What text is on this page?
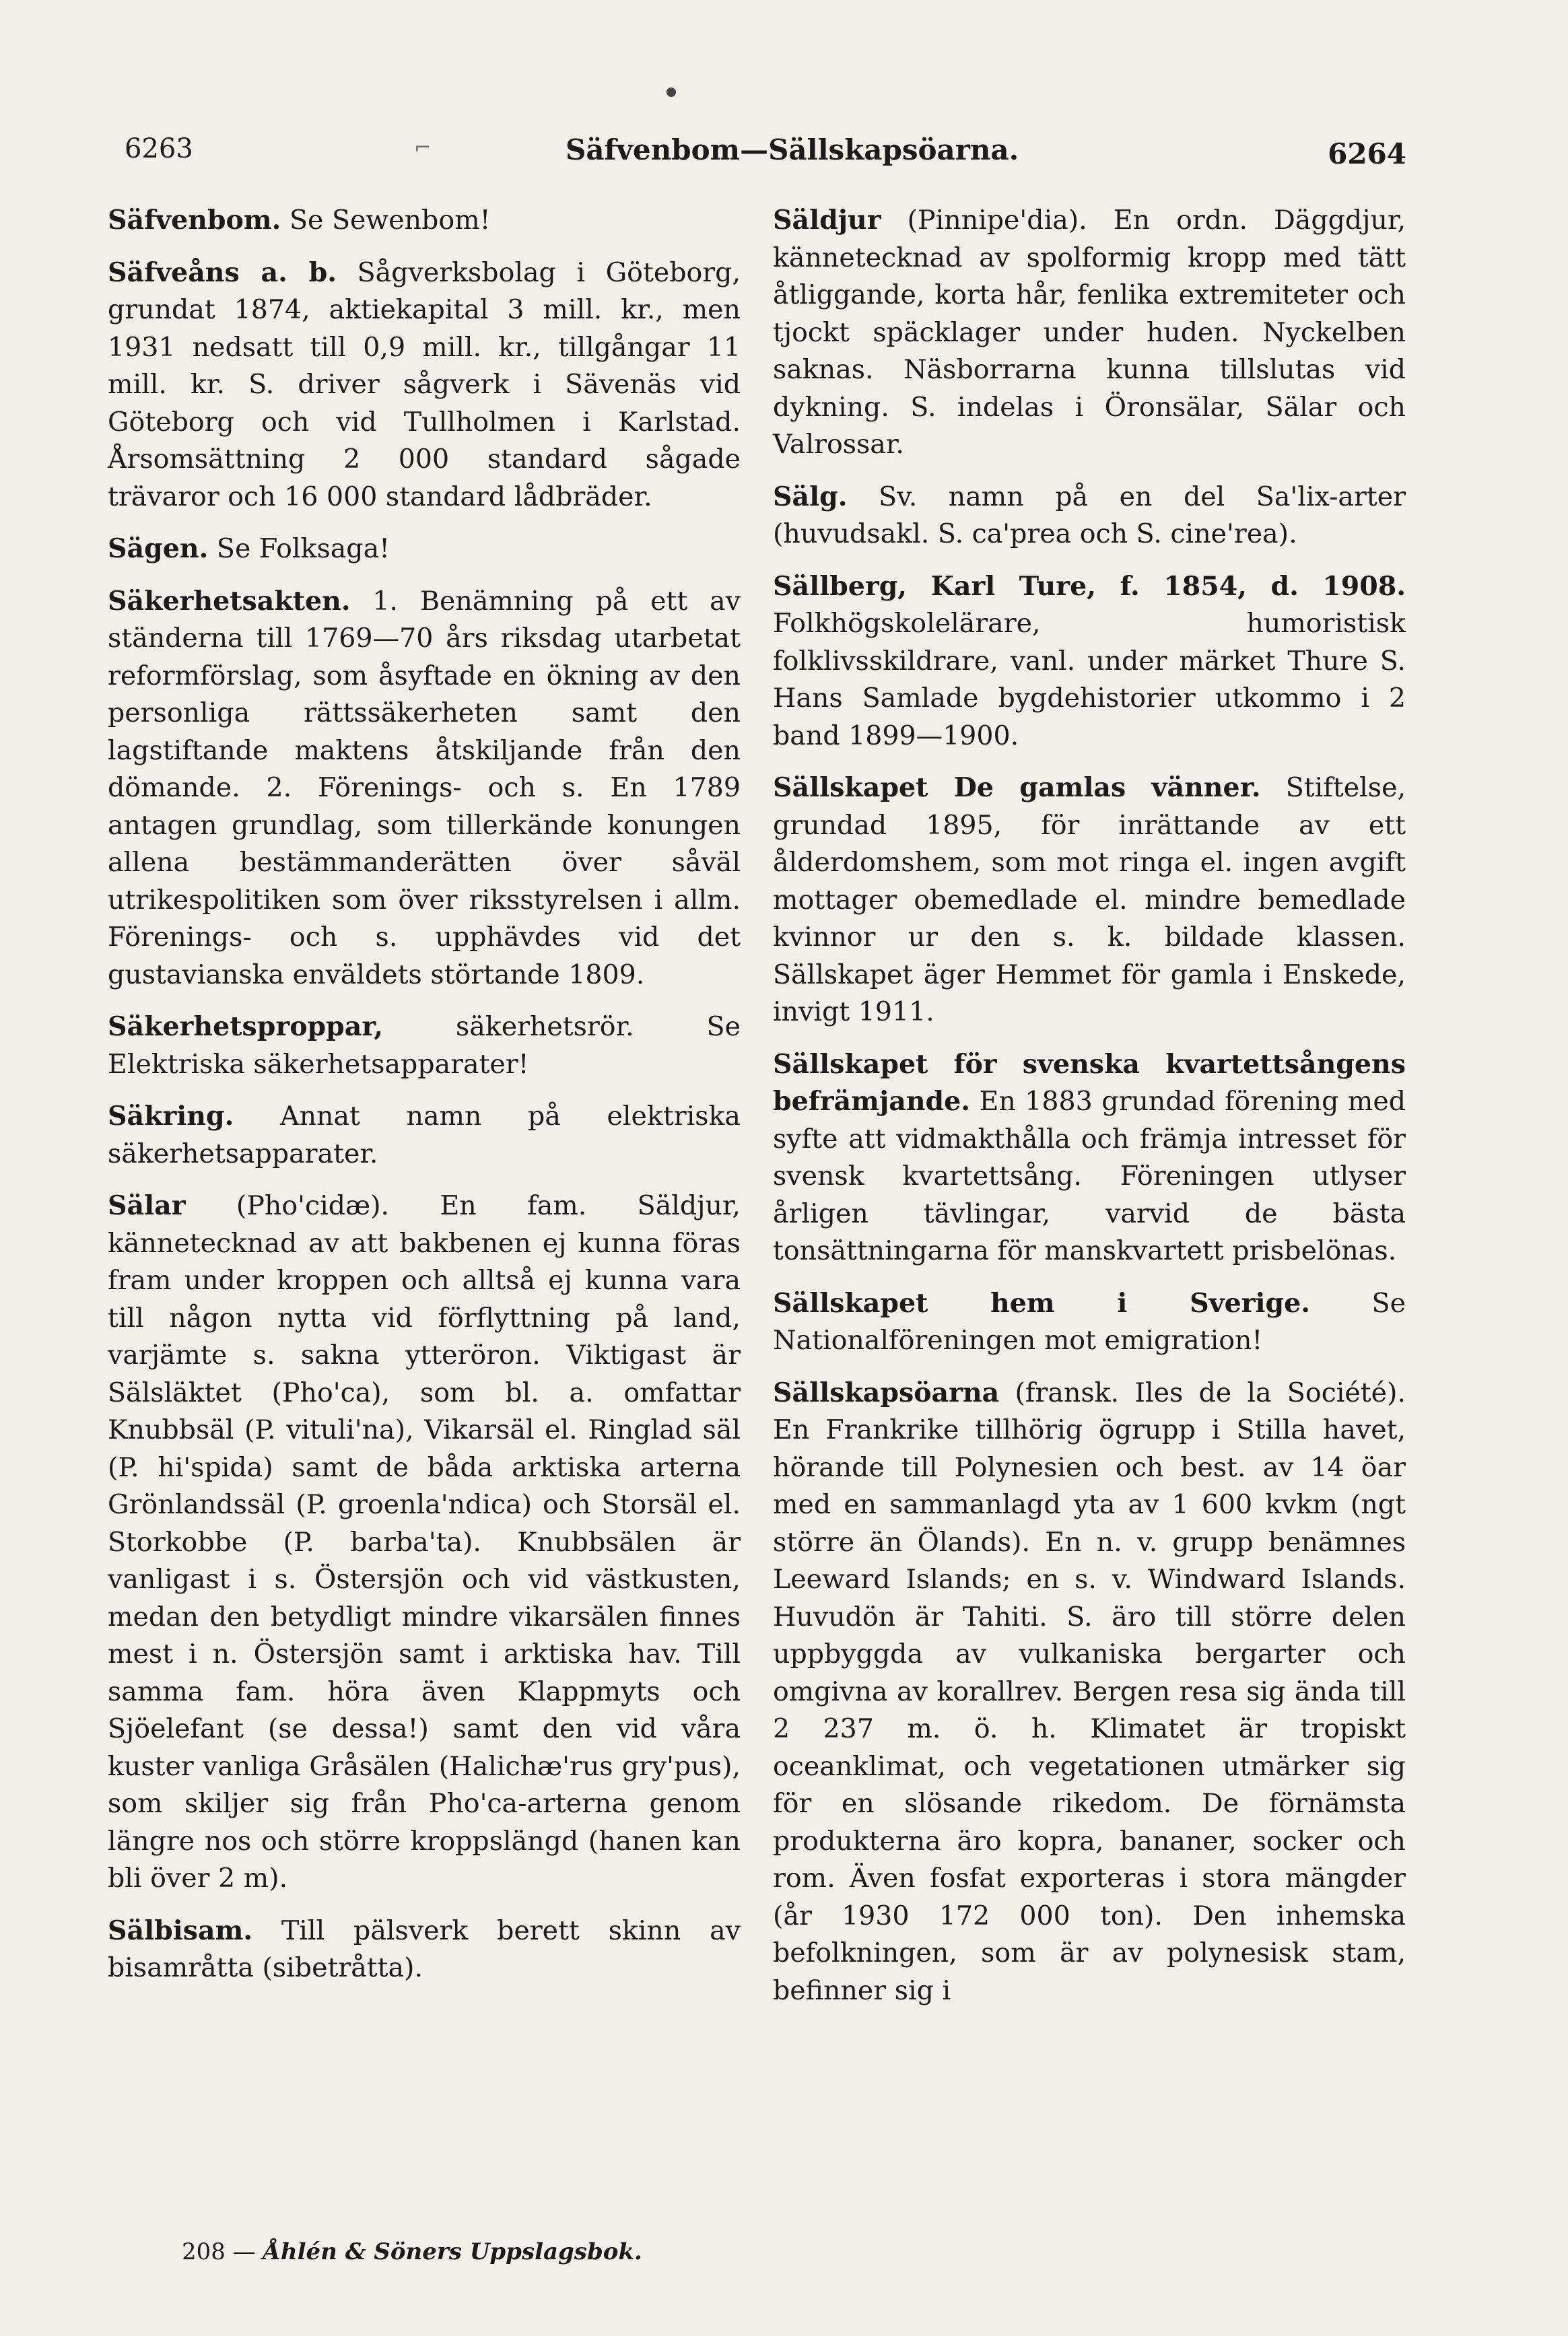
6263	⌐	Säfvenbom—Sällskapsöarna.	6264

Säfvenbom. Se Sewenbom!

Säfveåns a. b. Sågverksbolag i Göteborg, grundat 1874, aktiekapital 3 mill. kr., men 1931 nedsatt till 0,9 mill. kr., tillgångar 11 mill. kr. S. driver sågverk i Sävenäs vid Göteborg och vid Tullholmen i Karlstad. Årsomsättning 2 000 standard sågade trävaror och 16 000 standard lådbräder.

Sägen. Se Folksaga!

Säkerhetsakten. 1. Benämning på ett av ständerna till 1769—70 års riksdag utarbetat reformförslag, som åsyftade en ökning av den personliga rättssäkerheten samt den lagstiftande maktens åtskiljande från den dömande. 2. Förenings- och s. En 1789 antagen grundlag, som tillerkände konungen allena bestämmanderätten över såväl utrikespolitiken som över riksstyrelsen i allm. Förenings- och s. upphävdes vid det gustavianska enväldets störtande 1809.

Säkerhetsproppar, säkerhetsrör. Se Elektriska säkerhetsapparater!

Säkring. Annat namn på elektriska säkerhetsapparater.

Sälar (Pho'cidæ). En fam. Säldjur, kännetecknad av att bakbenen ej kunna föras fram under kroppen och alltså ej kunna vara till någon nytta vid förflyttning på land, varjämte s. sakna ytteröron. Viktigast är Sälsläktet (Pho'ca), som bl. a. omfattar Knubbsäl (P. vituli'na), Vikarsäl el. Ringlad säl (P. hi'spida) samt de båda arktiska arterna Grönlandssäl (P. groenla'ndica) och Storsäl el. Storkobbe (P. barba'ta). Knubbsälen är vanligast i s. Östersjön och vid västkusten, medan den betydligt mindre vikarsälen finnes mest i n. Östersjön samt i arktiska hav. Till samma fam. höra även Klappmyts och Sjöelefant (se dessa!) samt den vid våra kuster vanliga Gråsälen (Halichæ'rus gry'pus), som skiljer sig från Pho'ca-arterna genom längre nos och större kroppslängd (hanen kan bli över 2 m).

Sälbisam. Till pälsverk berett skinn av bisamråtta (sibetråtta).

Säldjur (Pinnipe'dia). En ordn. Däggdjur, kännetecknad av spolformig kropp med tätt åtliggande, korta hår, fenlika extremiteter och tjockt späcklager under huden. Nyckelben saknas. Näsborrarna kunna tillslutas vid dykning. S. indelas i Öronsälar, Sälar och Valrossar.

Sälg. Sv. namn på en del Sa'lix-arter (huvudsakl. S. ca'prea och S. cine'rea).

Sällberg, Karl Ture, f. 1854, d. 1908. Folkhögskolelärare, humoristisk folklivsskildrare, vanl. under märket Thure S. Hans Samlade bygdehistorier utkommo i 2 band 1899—1900.

Sällskapet De gamlas vänner. Stiftelse, grundad 1895, för inrättande av ett ålderdomshem, som mot ringa el. ingen avgift mottager obemedlade el. mindre bemedlade kvinnor ur den s. k. bildade klassen. Sällskapet äger Hemmet för gamla i Enskede, invigt 1911.

Sällskapet för svenska kvartettsångens befrämjande. En 1883 grundad förening med syfte att vidmakthålla och främja intresset för svensk kvartettsång. Föreningen utlyser årligen tävlingar, varvid de bästa tonsättningarna för manskvartett prisbelönas.

Sällskapet hem i Sverige. Se Nationalföreningen mot emigration!

Sällskapsöarna (fransk. Iles de la Société). En Frankrike tillhörig ögrupp i Stilla havet, hörande till Polynesien och best. av 14 öar med en sammanlagd yta av 1 600 kvkm (ngt större än Ölands). En n. v. grupp benämnes Leeward Islands; en s. v. Windward Islands. Huvudön är Tahiti. S. äro till större delen uppbyggda av vulkaniska bergarter och omgivna av korallrev. Bergen resa sig ända till 2 237 m. ö. h. Klimatet är tropiskt oceanklimat, och vegetationen utmärker sig för en slösande rikedom. De förnämsta produkterna äro kopra, bananer, socker och rom. Även fosfat exporteras i stora mängder (år 1930 172 000 ton). Den inhemska befolkningen, som är av polynesisk stam, befinner sig i

208 — Åhlén & Söners Uppslagsbok.
